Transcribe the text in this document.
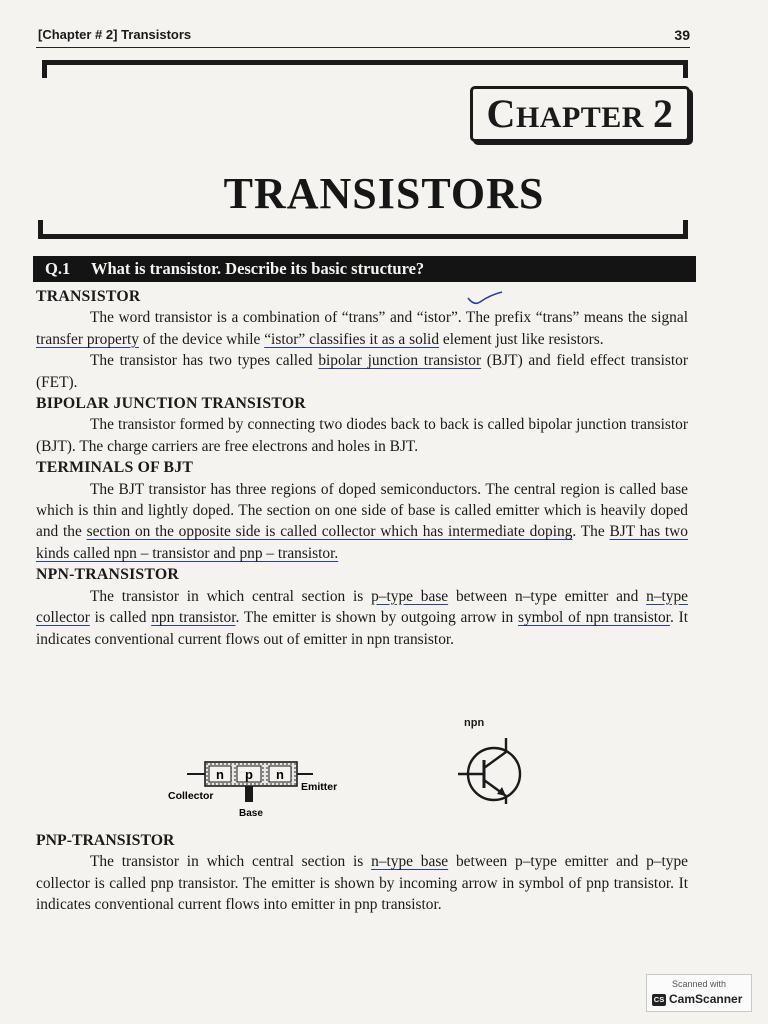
[Chapter # 2] Transistors	39
CHAPTER 2
TRANSISTORS
Q.1 What is transistor. Describe its basic structure?
TRANSISTOR

The word transistor is a combination of “trans” and “istor”. The prefix “trans” means the signal transfer property of the device while “istor” classifies it as a solid element just like resistors.

The transistor has two types called bipolar junction transistor (BJT) and field effect transistor (FET).

BIPOLAR JUNCTION TRANSISTOR

The transistor formed by connecting two diodes back to back is called bipolar junction transistor (BJT). The charge carriers are free electrons and holes in BJT.

TERMINALS OF BJT

The BJT transistor has three regions of doped semiconductors. The central region is called base which is thin and lightly doped. The section on one side of base is called emitter which is heavily doped and the section on the opposite side is called collector which has intermediate doping. The BJT has two kinds called npn – transistor and pnp – transistor.

NPN-TRANSISTOR

The transistor in which central section is p–type base between n–type emitter and n–type collector is called npn transistor. The emitter is shown by outgoing arrow in symbol of npn transistor. It indicates conventional current flows out of emitter in npn transistor.

npn
n p n
Collector
Emitter
Base
PNP-TRANSISTOR

The transistor in which central section is n–type base between p–type emitter and p–type collector is called pnp transistor. The emitter is shown by incoming arrow in symbol of pnp transistor. It indicates conventional current flows into emitter in pnp transistor.

Scanned with
CS CamScanner
